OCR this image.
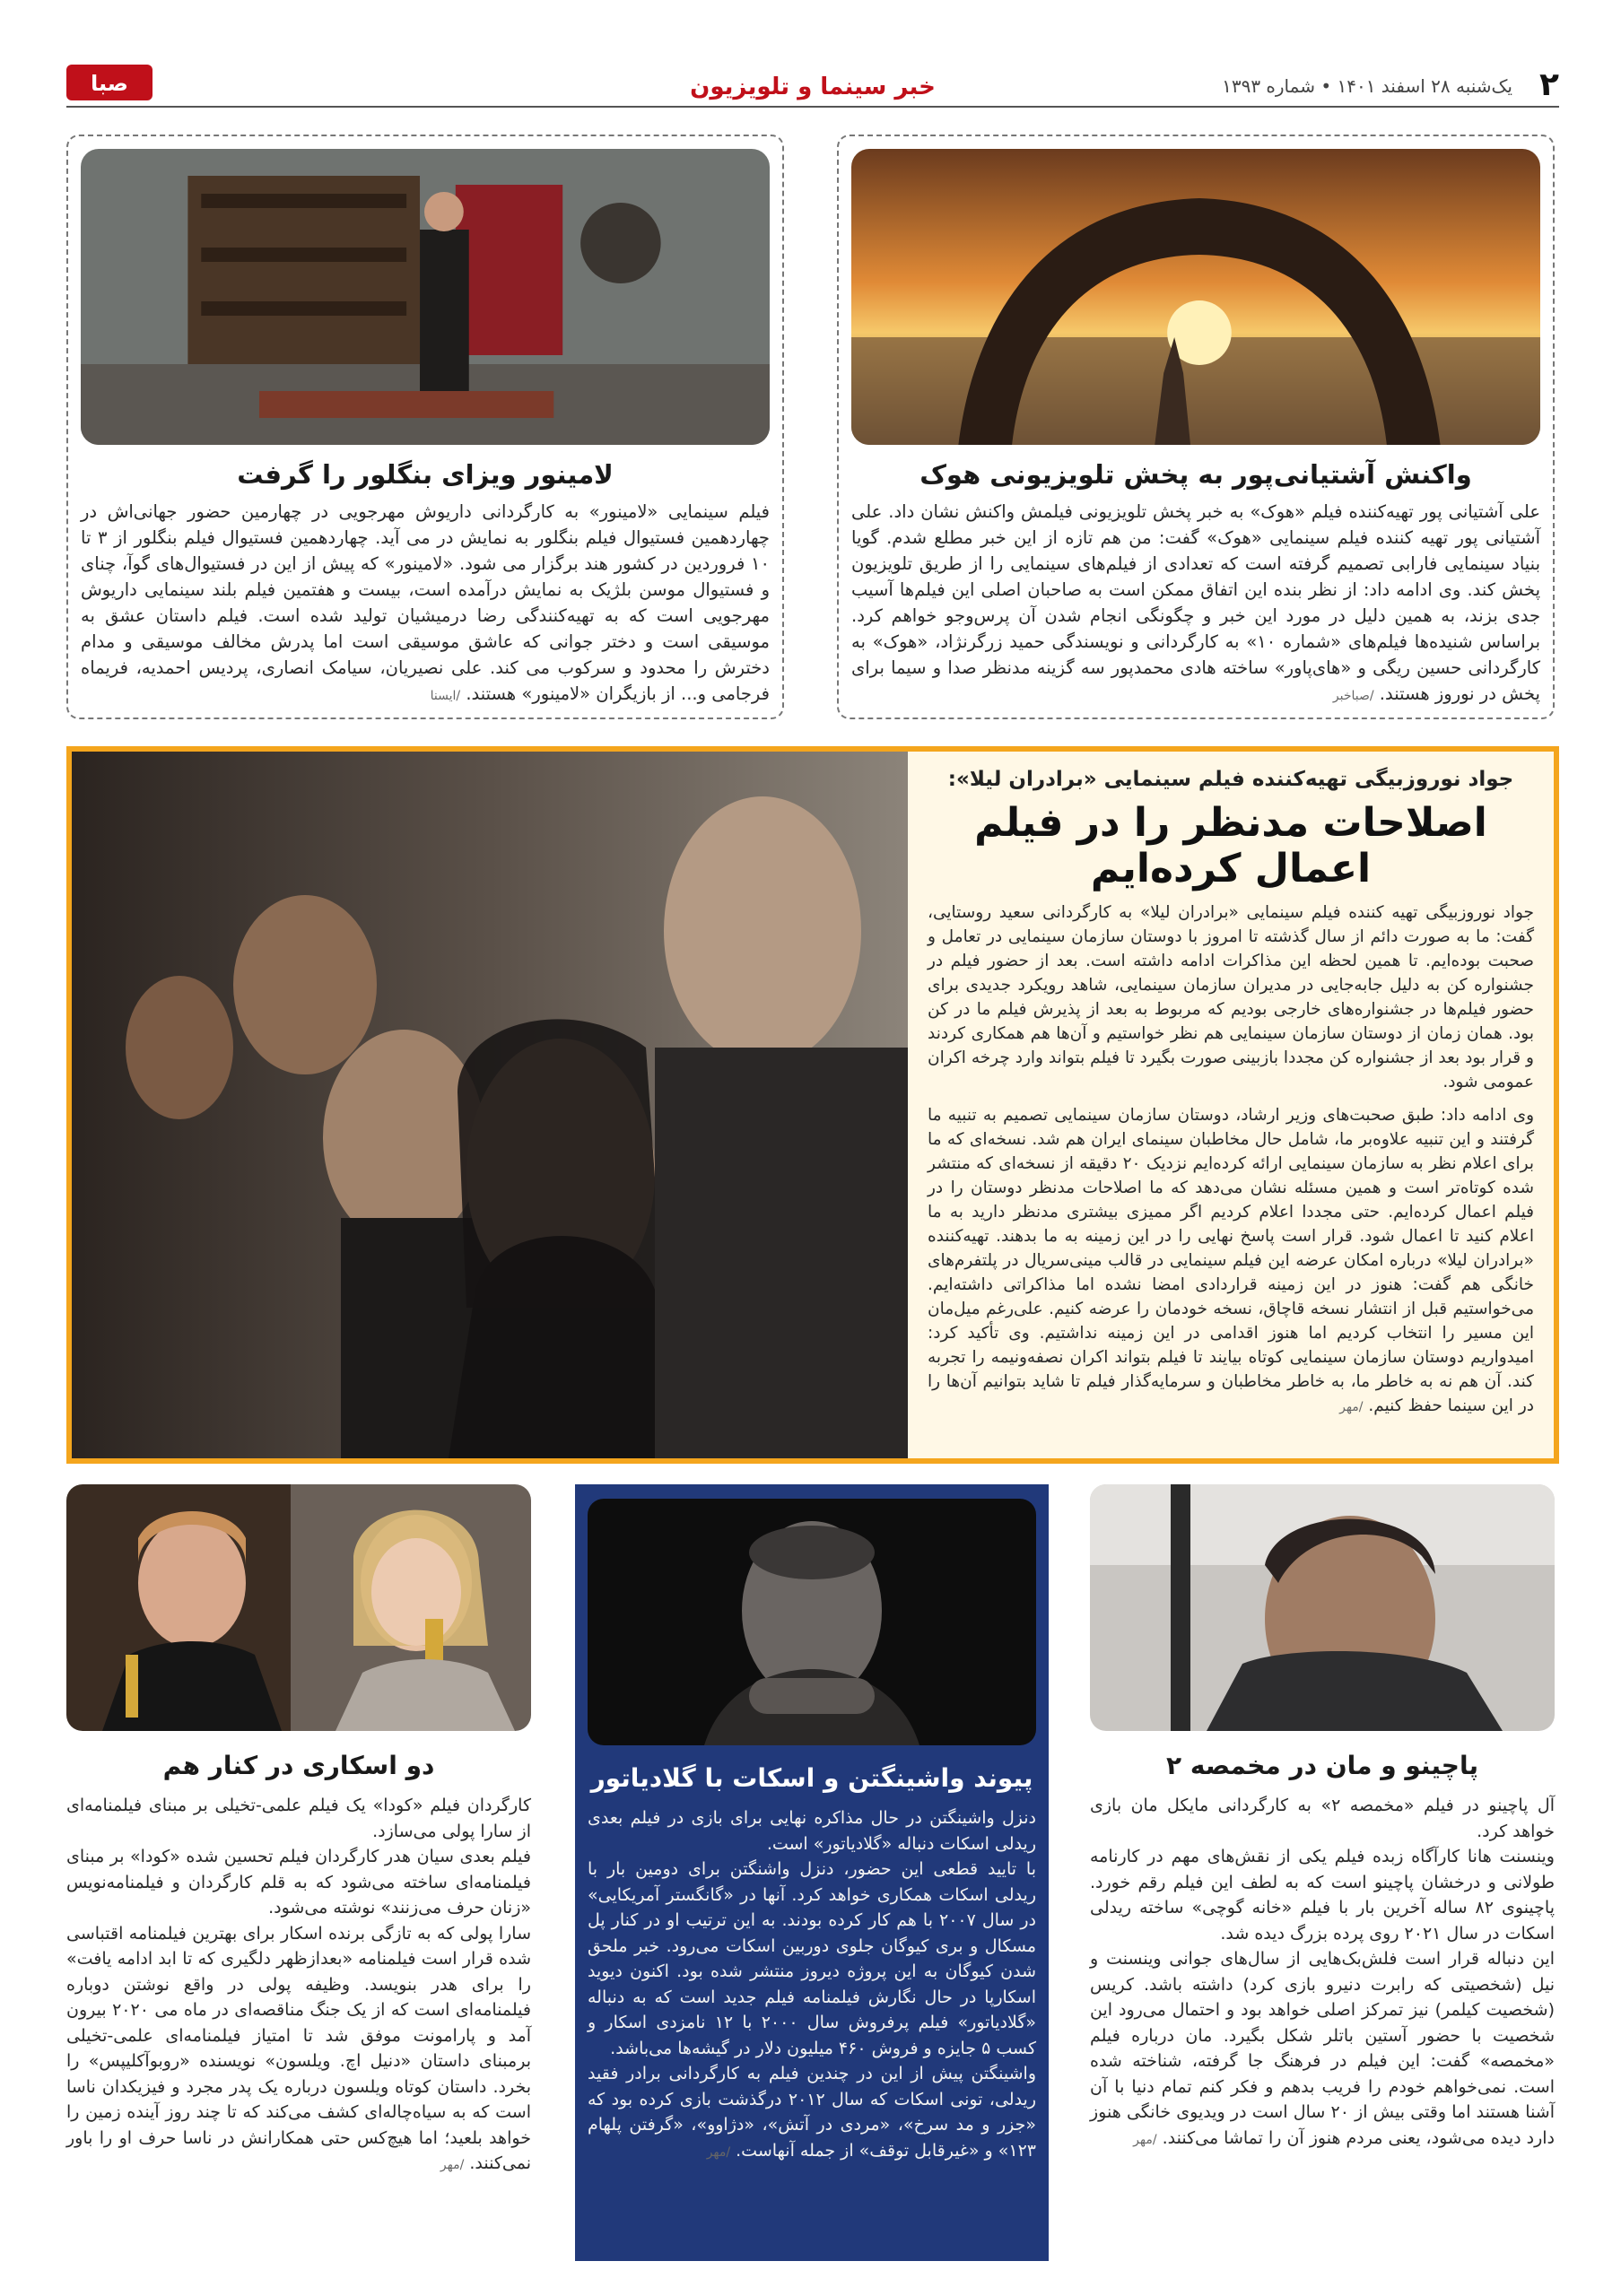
۲
یک‌شنبه ۲۸ اسفند ۱۴۰۱ • شماره ۱۳۹۳
خبر سینما و تلویزیون
صبا
واکنش آشتیانی‌پور به پخش تلویزیونی هوک

علی آشتیانی پور تهیه‌کننده فیلم «هوک» به خبر پخش تلویزیونی فیلمش واکنش نشان داد. علی آشتیانی پور تهیه کننده فیلم سینمایی «هوک» گفت: من هم تازه از این خبر مطلع شدم. گویا بنیاد سینمایی فارابی تصمیم گرفته است که تعدادی از فیلم‌های سینمایی را از طریق تلویزیون پخش کند. وی ادامه داد: از نظر بنده این اتفاق ممکن است به صاحبان اصلی این فیلم‌ها آسیب جدی بزند، به همین دلیل در مورد این خبر و چگونگی انجام شدن آن پرس‌وجو خواهم کرد. براساس شنیده‌ها فیلم‌های «شماره ۱۰» به کارگردانی و نویسندگی حمید زرگرنژاد، «هوک» به کارگردانی حسین ریگی و «های‌پاور» ساخته هادی محمدپور سه گزینه مدنظر صدا و سیما برای پخش در نوروز هستند. /صباخبر

لامینور ویزای بنگلور را گرفت

فیلم سینمایی «لامینور» به کارگردانی داریوش مهرجویی در چهارمین حضور جهانی‌اش در چهاردهمین فستیوال فیلم بنگلور به نمایش در می آید. چهاردهمین فستیوال فیلم بنگلور از ۳ تا ۱۰ فروردین در کشور هند برگزار می شود. «لامینور» که پیش از این در فستیوال‌های گوآ، چنای و فستیوال موسن بلژیک به نمایش درآمده است، بیست و هفتمین فیلم بلند سینمایی داریوش مهرجویی است که به تهیه‌کنندگی رضا درمیشیان تولید شده است. فیلم داستان عشق به موسیقی است و دختر جوانی که عاشق موسیقی است اما پدرش مخالف موسیقی و مدام دخترش را محدود و سرکوب می کند. علی نصیریان، سیامک انصاری، پردیس احمدیه، فریماه فرجامی و... از بازیگران «لامینور» هستند. /ایسنا

جواد نوروزبیگی تهیه‌کننده فیلم سینمایی «برادران لیلا»:
اصلاحات مدنظر را در فیلم اعمال کرده‌ایم

جواد نوروزبیگی تهیه کننده فیلم سینمایی «برادران لیلا» به کارگردانی سعید روستایی، گفت: ما به صورت دائم از سال گذشته تا امروز با دوستان سازمان سینمایی در تعامل و صحبت بوده‌ایم. تا همین لحظه این مذاکرات ادامه داشته است. بعد از حضور فیلم در جشنواره کن به دلیل جابه‌جایی در مدیران سازمان سینمایی، شاهد رویکرد جدیدی برای حضور فیلم‌ها در جشنواره‌های خارجی بودیم که مربوط به بعد از پذیرش فیلم ما در کن بود. همان زمان از دوستان سازمان سینمایی هم نظر خواستیم و آن‌ها هم همکاری کردند و قرار بود بعد از جشنواره کن مجددا بازبینی صورت بگیرد تا فیلم بتواند وارد چرخه اکران عمومی شود.

وی ادامه داد: طبق صحبت‌های وزیر ارشاد، دوستان سازمان سینمایی تصمیم به تنبیه ما گرفتند و این تنبیه علاوه‌بر ما، شامل حال مخاطبان سینمای ایران هم شد. نسخه‌ای که ما برای اعلام نظر به سازمان سینمایی ارائه کرده‌ایم نزدیک ۲۰ دقیقه از نسخه‌ای که منتشر شده کوتاه‌تر است و همین مسئله نشان می‌دهد که ما اصلاحات مدنظر دوستان را در فیلم اعمال کرده‌ایم. حتی مجددا اعلام کردیم اگر ممیزی بیشتری مدنظر دارید به ما اعلام کنید تا اعمال شود. قرار است پاسخ نهایی را در این زمینه به ما بدهند. تهیه‌کننده «برادران لیلا» درباره امکان عرضه این فیلم سینمایی در قالب مینی‌سریال در پلتفرم‌های خانگی هم گفت: هنوز در این زمینه قراردادی امضا نشده اما مذاکراتی داشته‌ایم. می‌خواستیم قبل از انتشار نسخه قاچاق، نسخه خودمان را عرضه کنیم. علی‌رغم میل‌مان این مسیر را انتخاب کردیم اما هنوز اقدامی در این زمینه نداشتیم. وی تأکید کرد: امیدواریم دوستان سازمان سینمایی کوتاه بیایند تا فیلم بتواند اکران نصفه‌ونیمه را تجربه کند. آن هم نه به خاطر ما، به خاطر مخاطبان و سرمایه‌گذار فیلم تا شاید بتوانیم آن‌ها را در این سینما حفظ کنیم. /مهر

پاچینو و مان در مخمصه ۲

آل پاچینو در فیلم «مخمصه ۲» به کارگردانی مایکل مان بازی خواهد کرد.
وینسنت هانا کارآگاه زبده فیلم یکی از نقش‌های مهم در کارنامه طولانی و درخشان پاچینو است که به لطف این فیلم رقم خورد. پاچینوی ۸۲ ساله آخرین بار با فیلم «خانه گوچی» ساخته ریدلی اسکات در سال ۲۰۲۱ روی پرده بزرگ دیده شد.
این دنباله قرار است فلش‌بک‌هایی از سال‌های جوانی وینسنت و نیل (شخصیتی که رابرت دنیرو بازی کرد) داشته باشد. کریس (شخصیت کیلمر) نیز تمرکز اصلی خواهد بود و احتمال می‌رود این شخصیت با حضور آستین باتلر شکل بگیرد. مان درباره فیلم «مخمصه» گفت: این فیلم در فرهنگ جا گرفته، شناخته شده است. نمی‌خواهم خودم را فریب بدهم و فکر کنم تمام دنیا با آن آشنا هستند اما وقتی بیش از ۲۰ سال است در ویدیوی خانگی هنوز دارد دیده می‌شود، یعنی مردم هنوز آن را تماشا می‌کنند. /مهر

پیوند واشینگتن و اسکات با گلادیاتور

دنزل واشینگتن در حال مذاکره نهایی برای بازی در فیلم بعدی ریدلی اسکات دنباله «گلادیاتور» است.
با تایید قطعی این حضور، دنزل واشنگتن برای دومین بار با ریدلی اسکات همکاری خواهد کرد. آنها در «گانگستر آمریکایی» در سال ۲۰۰۷ با هم کار کرده بودند. به این ترتیب او در کنار پل مسکال و بری کیوگان جلوی دوربین اسکات می‌رود. خبر ملحق شدن کیوگان به این پروژه دیروز منتشر شده بود. اکنون دیوید اسکارپا در حال نگارش فیلمنامه فیلم جدید است که به دنباله «گلادیاتور» فیلم پرفروش سال ۲۰۰۰ با ۱۲ نامزدی اسکار و کسب ۵ جایزه و فروش ۴۶۰ میلیون دلار در گیشه‌ها می‌باشد.
واشینگتن پیش از این در چندین فیلم به کارگردانی برادر فقید ریدلی، تونی اسکات که سال ۲۰۱۲ درگذشت بازی کرده بود که «جزر و مد سرخ»، «مردی در آتش»، «دژاوو»، «گرفتن پلهام ۱۲۳» و «غیرقابل توقف» از جمله آنهاست. /مهر

دو اسکاری در کنار هم

کارگردان فیلم «کودا» یک فیلم علمی-تخیلی بر مبنای فیلمنامه‌ای از سارا پولی می‌سازد.
فیلم بعدی سیان هدر کارگردان فیلم تحسین شده «کودا» بر مبنای فیلمنامه‌ای ساخته می‌شود که به قلم کارگردان و فیلمنامه‌نویس «زنان حرف می‌زنند» نوشته می‌شود.
سارا پولی که به تازگی برنده اسکار برای بهترین فیلمنامه اقتباسی شده قرار است فیلمنامه «بعدازظهر دلگیری که تا ابد ادامه یافت» را برای هدر بنویسد. وظیفه پولی در واقع نوشتن دوباره فیلمنامه‌ای است که از یک جنگ مناقصه‌ای در ماه می ۲۰۲۰ بیرون آمد و پارامونت موفق شد تا امتیاز فیلمنامه‌ای علمی-تخیلی برمبنای داستان «دنیل اچ. ویلسون» نویسنده «روبوآکلیپس» را بخرد. داستان کوتاه ویلسون درباره یک پدر مجرد و فیزیکدان ناسا است که به سیاه‌چاله‌ای کشف می‌کند که تا چند روز آینده زمین را خواهد بلعید؛ اما هیچ‌کس حتی همکارانش در ناسا حرف او را باور نمی‌کنند. /مهر
